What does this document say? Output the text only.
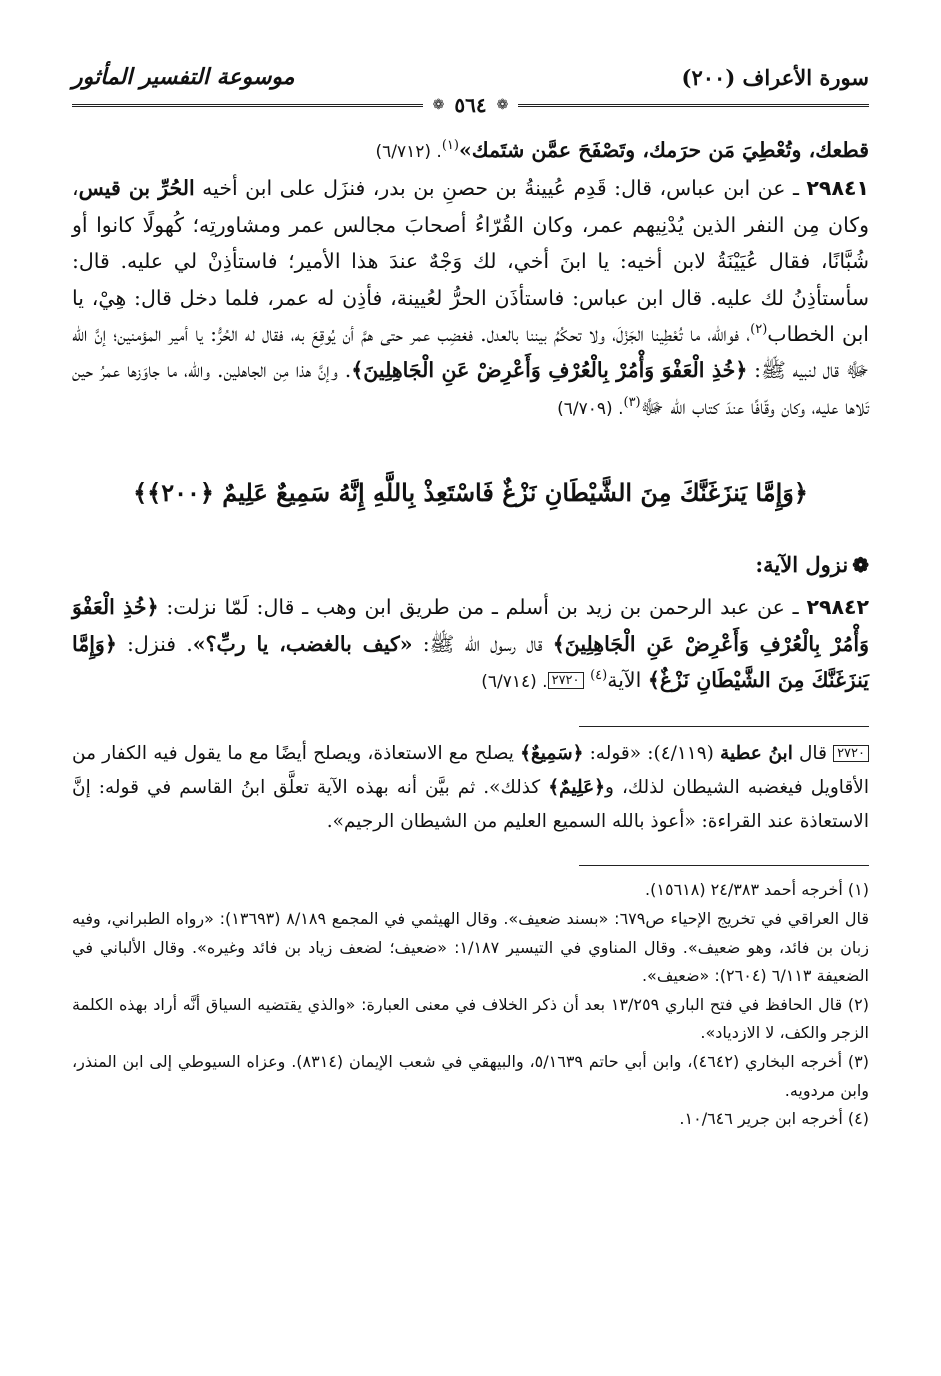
سورة الأعراف (٢٠٠)
موسوعة التفسير المأثور
❁
٥٦٤
❁

قطعك، وتُعْطِيَ مَن حرَمك، وتَصْفَحَ عمَّن شتَمك»$^{(١)}$. (٦/٧١٢)

٢٩٨٤١ ـ عن ابن عباس، قال: قَدِم عُيينةُ بن حصنِ بن بدر، فنزَل على ابن أخيه الحُرِّ بن قيس، وكان مِن النفر الذين يُدْنِيهم عمر، وكان القُرّاءُ أصحابَ مجالس عمر ومشاورتِه؛ كُهولًا كانوا أو شُبَّانًا، فقال عُيَيْنَةُ لابن أخيه: يا ابنَ أخي، لك وَجْهٌ عندَ هذا الأمير؛ فاستأذِنْ لي عليه. قال: سأستأذِنُ لك عليه. قال ابن عباس: فاستأذَن الحرُّ لعُيينة، فأذِن له عمر، فلما دخل قال: هِيْ، يا ابن الخطاب$^{(٢)}$، فوالله، ما تُعْطِينا الجَزْلَ، ولا تحكُمُ بيننا بالعدل. فغضِب عمر حتى همَّ أن يُوقِعَ به، فقال له الحُرُّ: يا أمير المؤمنين؛ إنَّ الله ﷻ قال لنبيه ﷺ: ﴿خُذِ الْعَفْوَ وَأْمُرْ بِالْعُرْفِ وَأَعْرِضْ عَنِ الْجَاهِلِينَ﴾. وإنَّ هذا مِن الجاهلين. والله، ما جاوَزها عمرُ حين تَلاها عليه، وكان وقّافًا عندَ كتاب الله ﷻ$^{(٣)}$. (٦/٧٠٩)

﴿وَإِمَّا يَنزَغَنَّكَ مِنَ الشَّيْطَانِ نَزْغٌ فَاسْتَعِذْ بِاللَّهِ إِنَّهُ سَمِيعٌ عَلِيمٌ ﴿٢٠٠﴾﴾
❁نزول الآية:

٢٩٨٤٢ ـ عن عبد الرحمن بن زيد بن أسلم ـ من طريق ابن وهب ـ قال: لَمّا نزلت: ﴿خُذِ الْعَفْوَ وَأْمُرْ بِالْعُرْفِ وَأَعْرِضْ عَنِ الْجَاهِلِينَ﴾ قال رسول الله ﷺ: «كيف بالغضب، يا ربِّ؟». فنزل: ﴿وَإِمَّا يَنزَغَنَّكَ مِنَ الشَّيْطَانِ نَزْغٌ﴾ الآية$^{(٤)}$ ٢٧٢٠. (٦/٧١٤)

٢٧٢٠ قال ابنُ عطية (٤/١١٩): «قوله: ﴿سَمِيعٌ﴾ يصلح مع الاستعاذة، ويصلح أيضًا مع ما يقول فيه الكفار من الأقاويل فيغضبه الشيطان لذلك، و﴿عَلِيمٌ﴾ كذلك». ثم بيَّن أنه بهذه الآية تعلَّق ابنُ القاسم في قوله: إنَّ الاستعاذة عند القراءة: «أعوذ بالله السميع العليم من الشيطان الرجيم».

(١) أخرجه أحمد ٢٤/٣٨٣ (١٥٦١٨).

قال العراقي في تخريج الإحياء ص٦٧٩: «بسند ضعيف». وقال الهيثمي في المجمع ٨/١٨٩ (١٣٦٩٣): «رواه الطبراني، وفيه زبان بن فائد، وهو ضعيف». وقال المناوي في التيسير ١/١٨٧: «ضعيف؛ لضعف زياد بن فائد وغيره». وقال الألباني في الضعيفة ٦/١١٣ (٢٦٠٤): «ضعيف».

(٢) قال الحافظ في فتح الباري ١٣/٢٥٩ بعد أن ذكر الخلاف في معنى العبارة: «والذي يقتضيه السياق أنَّه أراد بهذه الكلمة الزجر والكف، لا الازدياد».

(٣) أخرجه البخاري (٤٦٤٢)، وابن أبي حاتم ٥/١٦٣٩، والبيهقي في شعب الإيمان (٨٣١٤). وعزاه السيوطي إلى ابن المنذر، وابن مردويه.

(٤) أخرجه ابن جرير ١٠/٦٤٦.
